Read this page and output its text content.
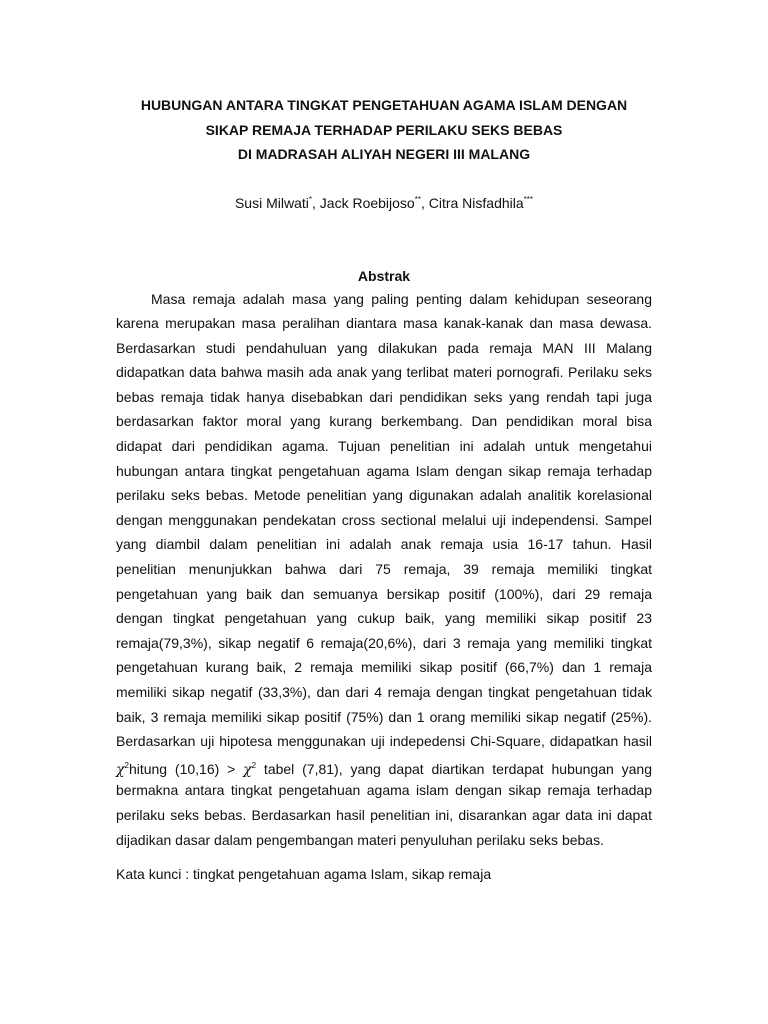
HUBUNGAN ANTARA TINGKAT PENGETAHUAN AGAMA ISLAM DENGAN
SIKAP REMAJA TERHADAP PERILAKU SEKS BEBAS
DI MADRASAH ALIYAH NEGERI III MALANG
Susi Milwati*, Jack Roebijoso**, Citra Nisfadhila***
Abstrak
Masa remaja adalah masa yang paling penting dalam kehidupan seseorang
karena merupakan masa peralihan diantara masa kanak-kanak dan masa dewasa.
Berdasarkan studi pendahuluan yang dilakukan pada remaja MAN III Malang
didapatkan data bahwa masih ada anak yang terlibat materi pornografi. Perilaku seks
bebas remaja tidak hanya disebabkan dari pendidikan seks yang rendah tapi juga
berdasarkan faktor moral yang kurang berkembang. Dan pendidikan moral bisa
didapat dari pendidikan agama. Tujuan penelitian ini adalah untuk mengetahui
hubungan antara tingkat pengetahuan agama Islam dengan sikap remaja terhadap
perilaku seks bebas. Metode penelitian yang digunakan adalah analitik korelasional
dengan menggunakan pendekatan cross sectional melalui uji independensi. Sampel
yang diambil dalam penelitian ini adalah anak remaja usia 16-17 tahun. Hasil
penelitian menunjukkan bahwa dari 75 remaja, 39 remaja memiliki tingkat
pengetahuan yang baik dan semuanya bersikap positif (100%), dari 29 remaja
dengan tingkat pengetahuan yang cukup baik, yang memiliki sikap positif 23
remaja(79,3%), sikap negatif 6 remaja(20,6%), dari 3 remaja yang memiliki tingkat
pengetahuan kurang baik, 2 remaja memiliki sikap positif (66,7%) dan 1 remaja
memiliki sikap negatif (33,3%), dan dari 4 remaja dengan tingkat pengetahuan tidak
baik, 3 remaja memiliki sikap positif (75%) dan 1 orang memiliki sikap negatif (25%).
Berdasarkan uji hipotesa menggunakan uji indepedensi Chi-Square, didapatkan hasil
$\chi^2hitung$ $(10,16) > \chi^2$ tabel (7,81), yang dapat diartikan terdapat hubungan yang
bermakna antara tingkat pengetahuan agama islam dengan sikap remaja terhadap
perilaku seks bebas. Berdasarkan hasil penelitian ini, disarankan agar data ini dapat
dijadikan dasar dalam pengembangan materi penyuluhan perilaku seks bebas.
Kata kunci : tingkat pengetahuan agama Islam, sikap remaja
